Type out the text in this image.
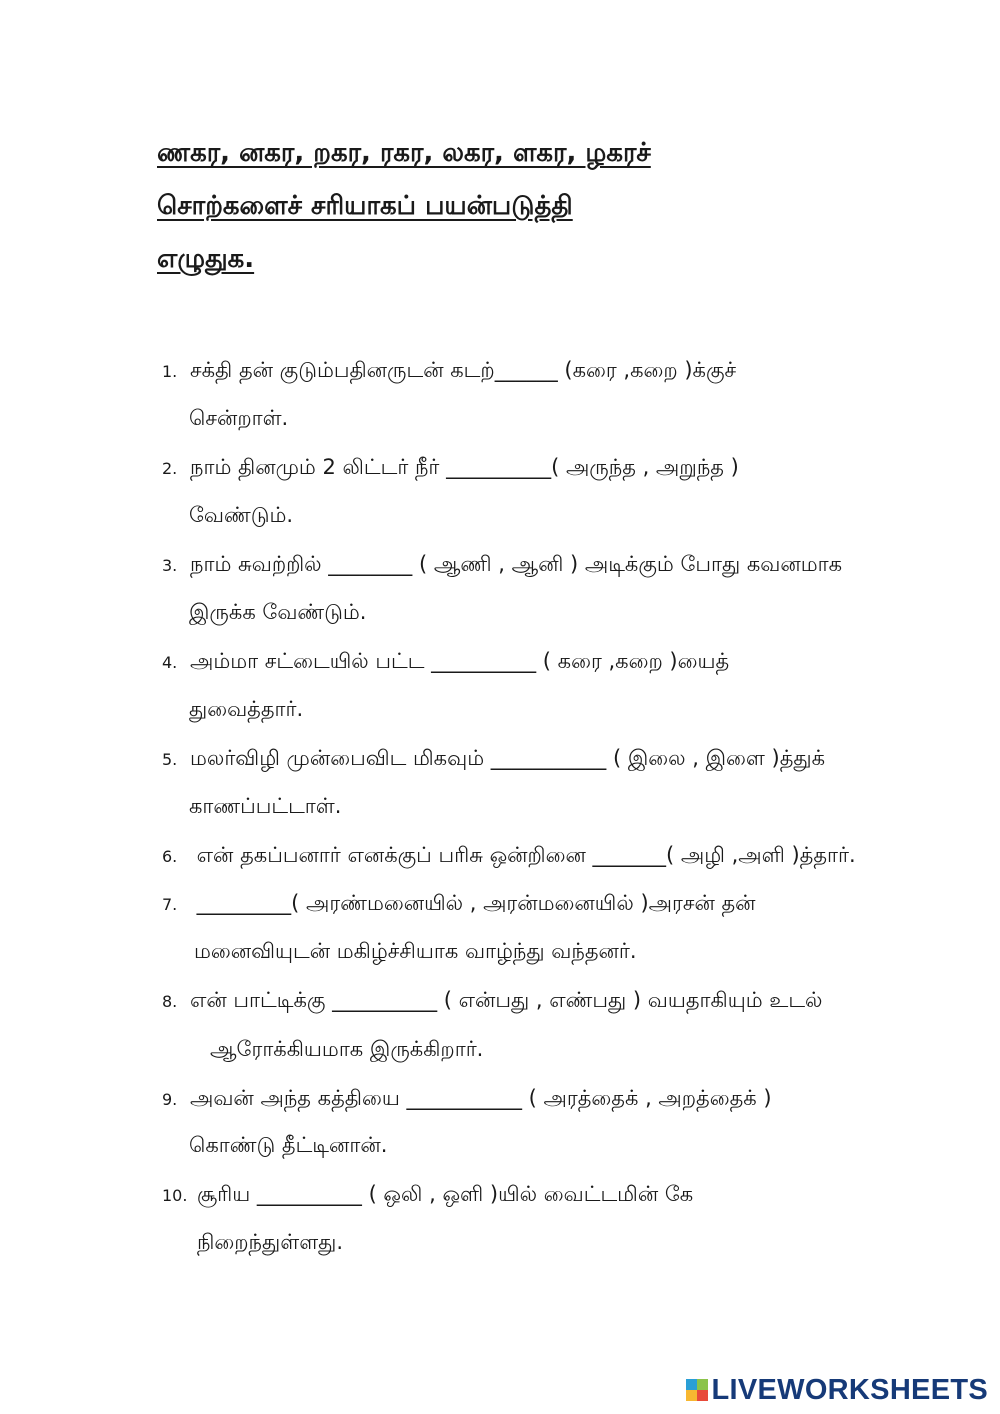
ணகர, னகர, றகர, ரகர, லகர, ளகர, ழகரச்
சொற்களைச் சரியாகப் பயன்படுத்தி
எழுதுக.
1. சக்தி தன் குடும்பதினருடன் கடற்______ (கரை ,கறை )க்குச்
சென்றாள்.
2. நாம் தினமும் 2 லிட்டர் நீர் __________( அருந்த , அறுந்த )
வேண்டும்.
3. நாம் சுவற்றில் ________ ( ஆணி , ஆனி ) அடிக்கும் போது கவனமாக
இருக்க வேண்டும்.
4. அம்மா சட்டையில் பட்ட __________ ( கரை ,கறை )யைத்
துவைத்தார்.
5. மலர்விழி முன்பைவிட மிகவும் ___________ ( இலை , இளை )த்துக்
காணப்பட்டாள்.
6. என் தகப்பனார் எனக்குப் பரிசு ஒன்றினை _______( அழி ,அளி )த்தார்.
7. _________( அரண்மனையில் , அரன்மனையில் )அரசன் தன்
மனைவியுடன் மகிழ்ச்சியாக வாழ்ந்து வந்தனர்.
8. என் பாட்டிக்கு __________ ( என்பது , எண்பது ) வயதாகியும் உடல்
ஆரோக்கியமாக இருக்கிறார்.
9. அவன் அந்த கத்தியை ___________ ( அரத்தைக் , அறத்தைக் )
கொண்டு தீட்டினான்.
10. சூரிய __________ ( ஒலி , ஒளி )யில் வைட்டமின் கே
நிறைந்துள்ளது.
LIVEWORKSHEETS
